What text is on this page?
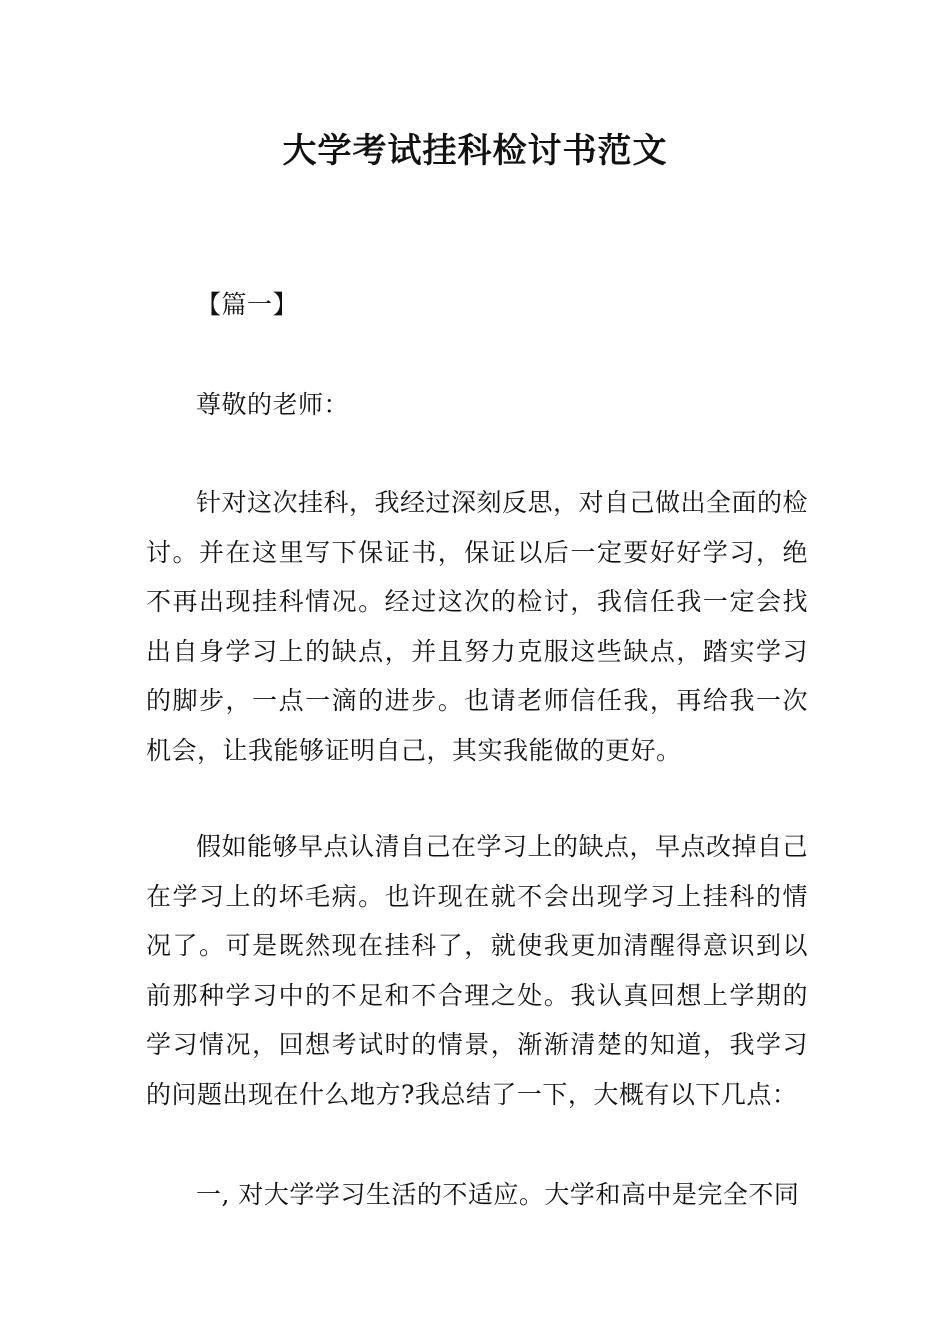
大学考试挂科检讨书范文

【篇一】

尊敬的老师：

针对这次挂科，我经过深刻反思，对自己做出全面的检讨。并在这里写下保证书，保证以后一定要好好学习，绝不再出现挂科情况。经过这次的检讨，我信任我一定会找出自身学习上的缺点，并且努力克服这些缺点，踏实学习的脚步，一点一滴的进步。也请老师信任我，再给我一次机会，让我能够证明自己，其实我能做的更好。

假如能够早点认清自己在学习上的缺点，早点改掉自己在学习上的坏毛病。也许现在就不会出现学习上挂科的情况了。可是既然现在挂科了，就使我更加清醒得意识到以前那种学习中的不足和不合理之处。我认真回想上学期的学习情况，回想考试时的情景，渐渐清楚的知道，我学习的问题出现在什么地方?我总结了一下，大概有以下几点：

一, 对大学学习生活的不适应。大学和高中是完全不同
